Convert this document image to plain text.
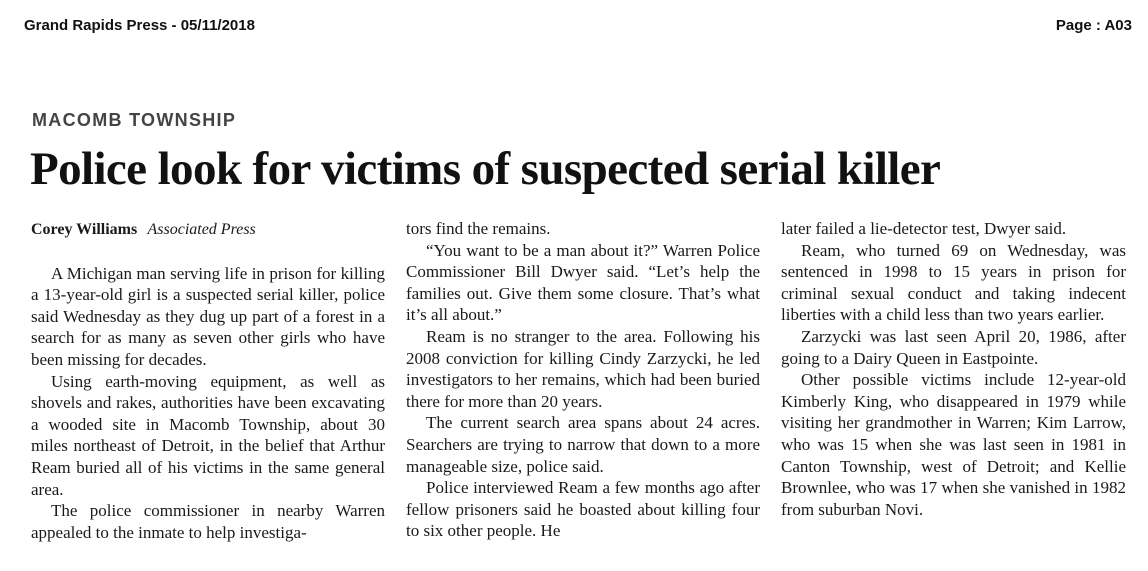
Grand Rapids Press - 05/11/2018	Page : A03
MACOMB TOWNSHIP
Police look for victims of suspected serial killer
Corey Williams Associated Press

A Michigan man serving life in prison for killing a 13-year-old girl is a suspected serial killer, police said Wednesday as they dug up part of a forest in a search for as many as seven other girls who have been missing for decades.

Using earth-moving equipment, as well as shovels and rakes, authorities have been excavating a wooded site in Macomb Township, about 30 miles northeast of Detroit, in the belief that Arthur Ream buried all of his victims in the same general area.

The police commissioner in nearby Warren appealed to the inmate to help investiga-

tors find the remains.

“You want to be a man about it?” Warren Police Commissioner Bill Dwyer said. “Let’s help the families out. Give them some closure. That’s what it’s all about.”

Ream is no stranger to the area. Following his 2008 conviction for killing Cindy Zarzycki, he led investigators to her remains, which had been buried there for more than 20 years.

The current search area spans about 24 acres. Searchers are trying to narrow that down to a more manageable size, police said.

Police interviewed Ream a few months ago after fellow prisoners said he boasted about killing four to six other people. He

later failed a lie-detector test, Dwyer said.

Ream, who turned 69 on Wednesday, was sentenced in 1998 to 15 years in prison for criminal sexual conduct and taking indecent liberties with a child less than two years earlier.

Zarzycki was last seen April 20, 1986, after going to a Dairy Queen in Eastpointe.

Other possible victims include 12-year-old Kimberly King, who disappeared in 1979 while visiting her grandmother in Warren; Kim Larrow, who was 15 when she was last seen in 1981 in Canton Township, west of Detroit; and Kellie Brownlee, who was 17 when she vanished in 1982 from suburban Novi.
